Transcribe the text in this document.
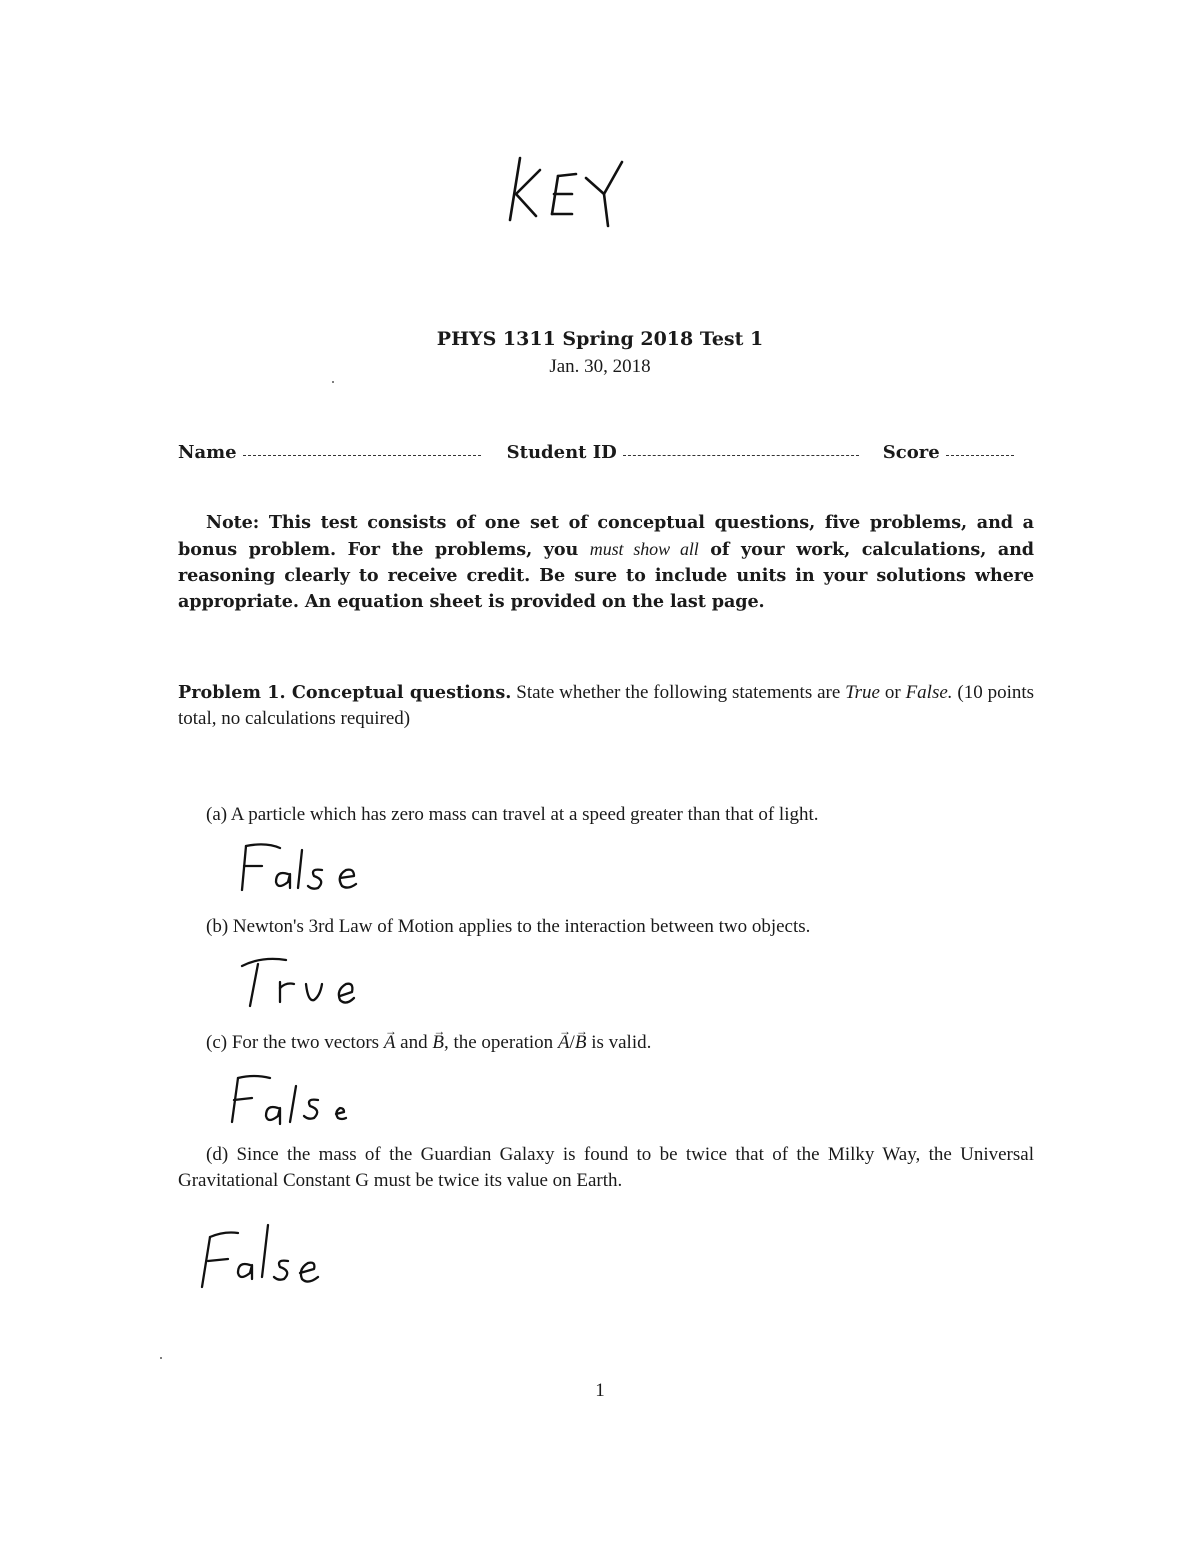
PHYS 1311 Spring 2018 Test 1
Jan. 30, 2018
Name	Student ID	Score
Note: This test consists of one set of conceptual questions, five problems, and a bonus problem. For the problems, you must show all of your work, calculations, and reasoning clearly to receive credit. Be sure to include units in your solutions where appropriate. An equation sheet is provided on the last page.
Problem 1. Conceptual questions. State whether the following statements are True or False. (10 points total, no calculations required)
(a) A particle which has zero mass can travel at a speed greater than that of light.
(b) Newton's 3rd Law of Motion applies to the interaction between two objects.
(c) For the two vectors → A and → B, the operation → A/→ B is valid.
(d) Since the mass of the Guardian Galaxy is found to be twice that of the Milky Way, the Universal Gravitational Constant G must be twice its value on Earth.
1
